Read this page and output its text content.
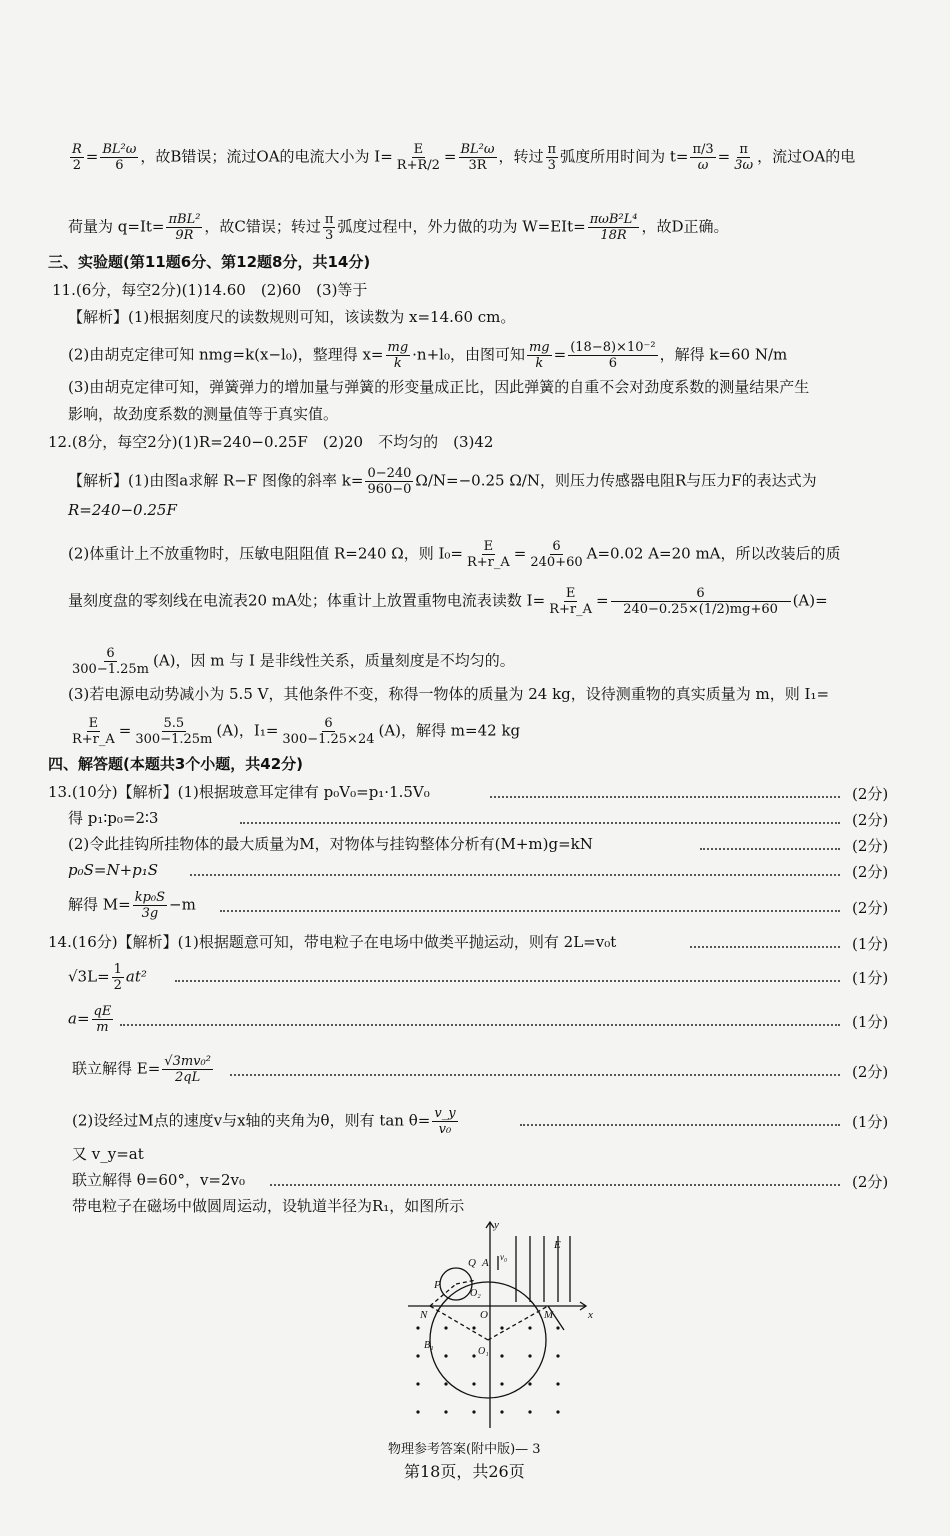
$\frac{R}{2} = \frac{\text{BL²ω}}{6}$ ，故B错误；流过OA的电流大小为 $I= \frac{E}{R+R/2} = \frac{\text{BL²ω}}{3R}$ ，转过 $\frac{\pi}{3}$ 弧度所用时间为 $t= \frac{\pi/3}{\omega} = \frac{\pi}{3\omega}$ ，流过OA的电
荷量为 q=It= πBL²
9R ，故C错误；转过 $\frac{\pi}{3}$ 弧度过程中，外力做的功为 W=EIt= πωB²L⁴
18R ，故D正确。
三、实验题(第11题6分、第12题8分，共14分)
11.(6分，每空2分)(1)14.60　(2)60　(3)等于
【解析】(1)根据刻度尺的读数规则可知，该读数为 x=14.60 cm。
(2)由胡克定律可知 nmg=k(x−l₀)，整理得 $x= \frac{mg}{k} \cdot n+l_0$，由图可知 $\frac{mg}{k} = \frac{\text{(18−8)×10⁻²}}{6}$ ，解得 k=60 N/m
(3)由胡克定律可知，弹簧弹力的增加量与弹簧的形变量成正比，因此弹簧的自重不会对劲度系数的测量结果产生
影响，故劲度系数的测量值等于真实值。
12.(8分，每空2分)(1)R=240−0.25F　(2)20　不均匀的　(3)42
【解析】(1)由图a求解 R−F 图像的斜率 $k= \frac{0-240}{960-0} \Omega/N=-0.25$ Ω/N，则压力传感器电阻R与压力F的表达式为
R=240−0.25F
(2)体重计上不放重物时，压敏电阻阻值 R=240 Ω，则 $I_0= \frac{E}{R+r\_A} = \frac{6}{240+60} A=0.02$ A=20 mA，所以改装后的质
量刻度盘的零刻线在电流表20 mA处；体重计上放置重物电流表读数 $I= \frac{E}{R+r\_A} = \frac{6}{240-0.25\times(1/2)mg+60} (A)=$
$\frac{6}{300-1.25m} (A)$，因 m 与 I 是非线性关系，质量刻度是不均匀的。
(3)若电源电动势减小为 5.5 V，其他条件不变，称得一物体的质量为 24 kg，设待测重物的真实质量为 m，则 I₁=
$\frac{E}{R+r\_A} = \frac{5.5}{300-1.25m} (A)$，$I_1= \frac{6}{300-1.25\times 24} (A)$，解得 m=42 kg
四、解答题(本题共3个小题，共42分)
13.(10分)【解析】(1)根据玻意耳定律有 p₀V₀=p₁·1.5V₀	(2分)
得 p₁∶p₀=2∶3	(2分)
(2)令此挂钩所挂物体的最大质量为M，对物体与挂钩整体分析有(M+m)g=kN	(2分)
p₀S=N+p₁S	(2分)
解得 $M= \frac{\text{kp₀S}}{3g} -m$	(2分)
14.(16分)【解析】(1)根据题意可知，带电粒子在电场中做类平抛运动，则有 2L=v₀t	(1分)
$√3L= \frac{1}{2} at^2$	(1分)
$a= \frac{qE}{m}$	(1分)
联立解得 $E= \frac{\text{√3mv₀²}}{2qL}$	(2分)
(2)设经过M点的速度v与x轴的夹角为θ，则有 $\tan \theta= \frac{v\_y}{\text{v₀}}$	(1分)
又 v_y=at
联立解得 θ=60°，v=2v₀	(2分)
带电粒子在磁场中做圆周运动，设轨道半径为R₁，如图所示
y
x
E
Q A v₀
P
O₂
N	O	M
B₁
O₁
物理参考答案(附中版)— 3
第18页，共26页
